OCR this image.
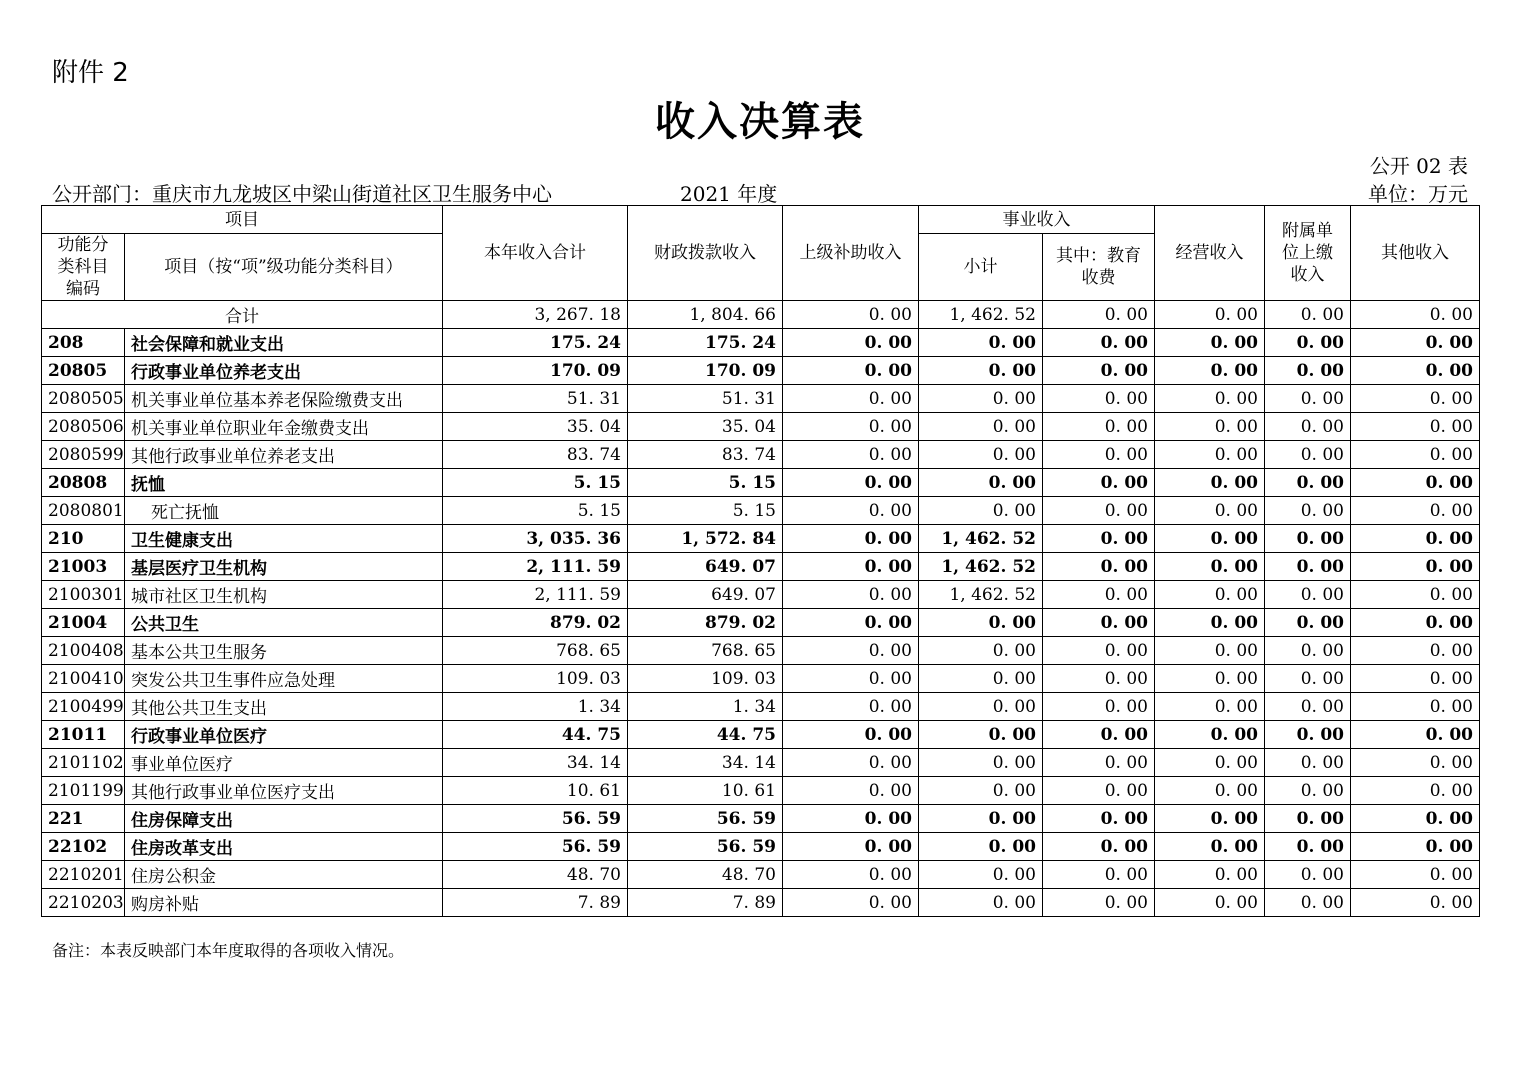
附件 2
收入决算表
公开 02 表
公开部门：重庆市九龙坡区中梁山街道社区卫生服务中心	2021 年度	单位：万元
项目		本年收入合计	财政拨款收入	上级补助收入	事业收入		经营收入	附属单位上缴收入	其他收入
功能分类科目编码	项目（按“项”级功能分类科目）								
					小计	其中：教育收费			
合计		3, 267. 18	1, 804. 66	0. 00	1, 462. 52	0. 00	0. 00	0. 00	0. 00
208	社会保障和就业支出	175. 24	175. 24	0. 00	0. 00	0. 00	0. 00	0. 00	0. 00
20805	行政事业单位养老支出	170. 09	170. 09	0. 00	0. 00	0. 00	0. 00	0. 00	0. 00
2080505	机关事业单位基本养老保险缴费支出	51. 31	51. 31	0. 00	0. 00	0. 00	0. 00	0. 00	0. 00
2080506	机关事业单位职业年金缴费支出	35. 04	35. 04	0. 00	0. 00	0. 00	0. 00	0. 00	0. 00
2080599	其他行政事业单位养老支出	83. 74	83. 74	0. 00	0. 00	0. 00	0. 00	0. 00	0. 00
20808	抚恤	5. 15	5. 15	0. 00	0. 00	0. 00	0. 00	0. 00	0. 00
2080801	死亡抚恤	5. 15	5. 15	0. 00	0. 00	0. 00	0. 00	0. 00	0. 00
210	卫生健康支出	3, 035. 36	1, 572. 84	0. 00	1, 462. 52	0. 00	0. 00	0. 00	0. 00
21003	基层医疗卫生机构	2, 111. 59	649. 07	0. 00	1, 462. 52	0. 00	0. 00	0. 00	0. 00
2100301	城市社区卫生机构	2, 111. 59	649. 07	0. 00	1, 462. 52	0. 00	0. 00	0. 00	0. 00
21004	公共卫生	879. 02	879. 02	0. 00	0. 00	0. 00	0. 00	0. 00	0. 00
2100408	基本公共卫生服务	768. 65	768. 65	0. 00	0. 00	0. 00	0. 00	0. 00	0. 00
2100410	突发公共卫生事件应急处理	109. 03	109. 03	0. 00	0. 00	0. 00	0. 00	0. 00	0. 00
2100499	其他公共卫生支出	1. 34	1. 34	0. 00	0. 00	0. 00	0. 00	0. 00	0. 00
21011	行政事业单位医疗	44. 75	44. 75	0. 00	0. 00	0. 00	0. 00	0. 00	0. 00
2101102	事业单位医疗	34. 14	34. 14	0. 00	0. 00	0. 00	0. 00	0. 00	0. 00
2101199	其他行政事业单位医疗支出	10. 61	10. 61	0. 00	0. 00	0. 00	0. 00	0. 00	0. 00
221	住房保障支出	56. 59	56. 59	0. 00	0. 00	0. 00	0. 00	0. 00	0. 00
22102	住房改革支出	56. 59	56. 59	0. 00	0. 00	0. 00	0. 00	0. 00	0. 00
2210201	住房公积金	48. 70	48. 70	0. 00	0. 00	0. 00	0. 00	0. 00	0. 00
2210203	购房补贴	7. 89	7. 89	0. 00	0. 00	0. 00	0. 00	0. 00	0. 00
备注：本表反映部门本年度取得的各项收入情况。
